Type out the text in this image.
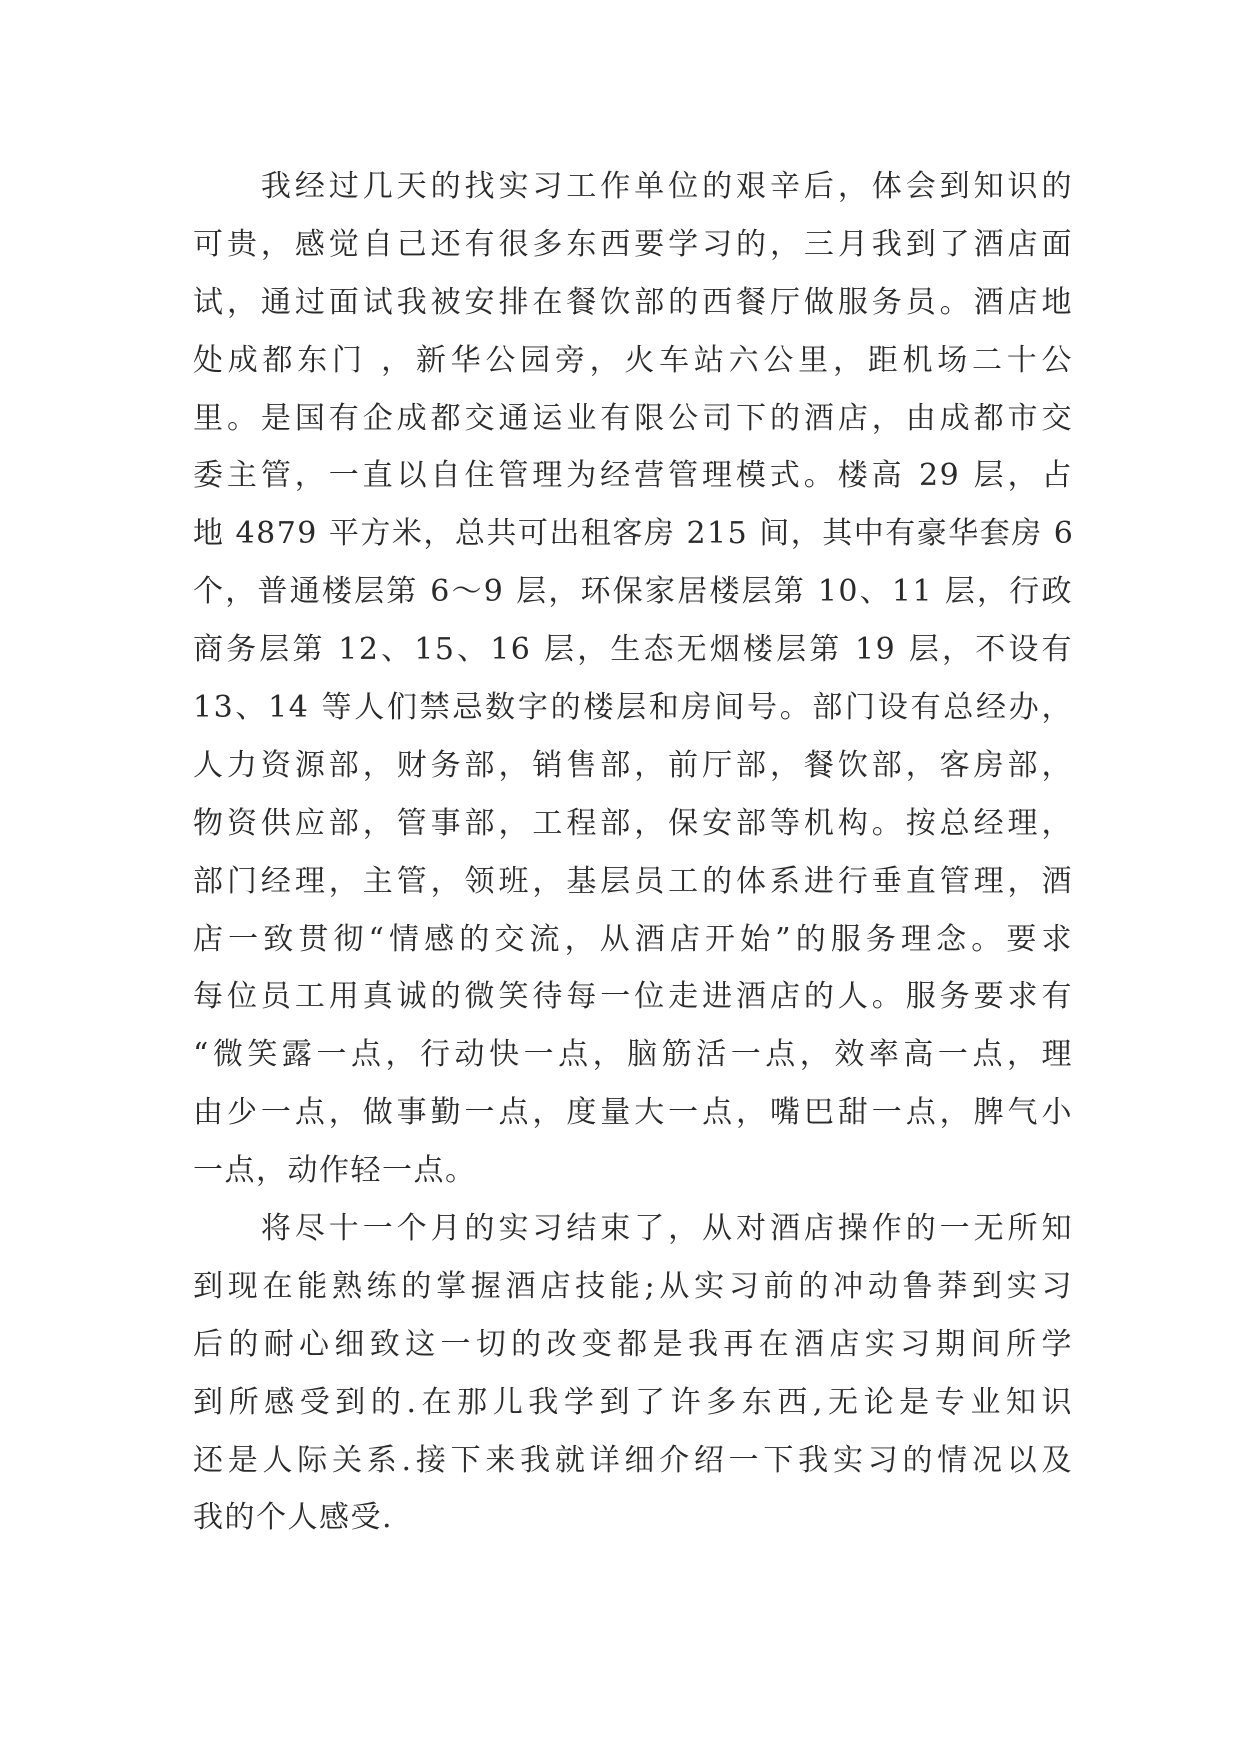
　　我经过几天的找实习工作单位的艰辛后，体会到知识的
可贵，感觉自己还有很多东西要学习的，三月我到了酒店面
试，通过面试我被安排在餐饮部的西餐厅做服务员。酒店地
处成都东门 ，新华公园旁，火车站六公里，距机场二十公
里。是国有企成都交通运业有限公司下的酒店，由成都市交
委主管，一直以自住管理为经营管理模式。楼高 29 层，占
地 4879 平方米，总共可出租客房 215 间，其中有豪华套房 6
个，普通楼层第 6～9 层，环保家居楼层第 10、11 层，行政
商务层第 12、15、16 层，生态无烟楼层第 19 层，不设有
13、14 等人们禁忌数字的楼层和房间号。部门设有总经办，
人力资源部，财务部，销售部，前厅部，餐饮部，客房部，
物资供应部，管事部，工程部，保安部等机构。按总经理，
部门经理，主管，领班，基层员工的体系进行垂直管理，酒
店一致贯彻“情感的交流，从酒店开始”的服务理念。要求
每位员工用真诚的微笑待每一位走进酒店的人。服务要求有
“微笑露一点，行动快一点，脑筋活一点，效率高一点，理
由少一点，做事勤一点，度量大一点，嘴巴甜一点，脾气小
一点，动作轻一点。
　　将尽十一个月的实习结束了，从对酒店操作的一无所知
到现在能熟练的掌握酒店技能;从实习前的冲动鲁莽到实习
后的耐心细致这一切的改变都是我再在酒店实习期间所学
到所感受到的.在那儿我学到了许多东西,无论是专业知识
还是人际关系.接下来我就详细介绍一下我实习的情况以及
我的个人感受.
